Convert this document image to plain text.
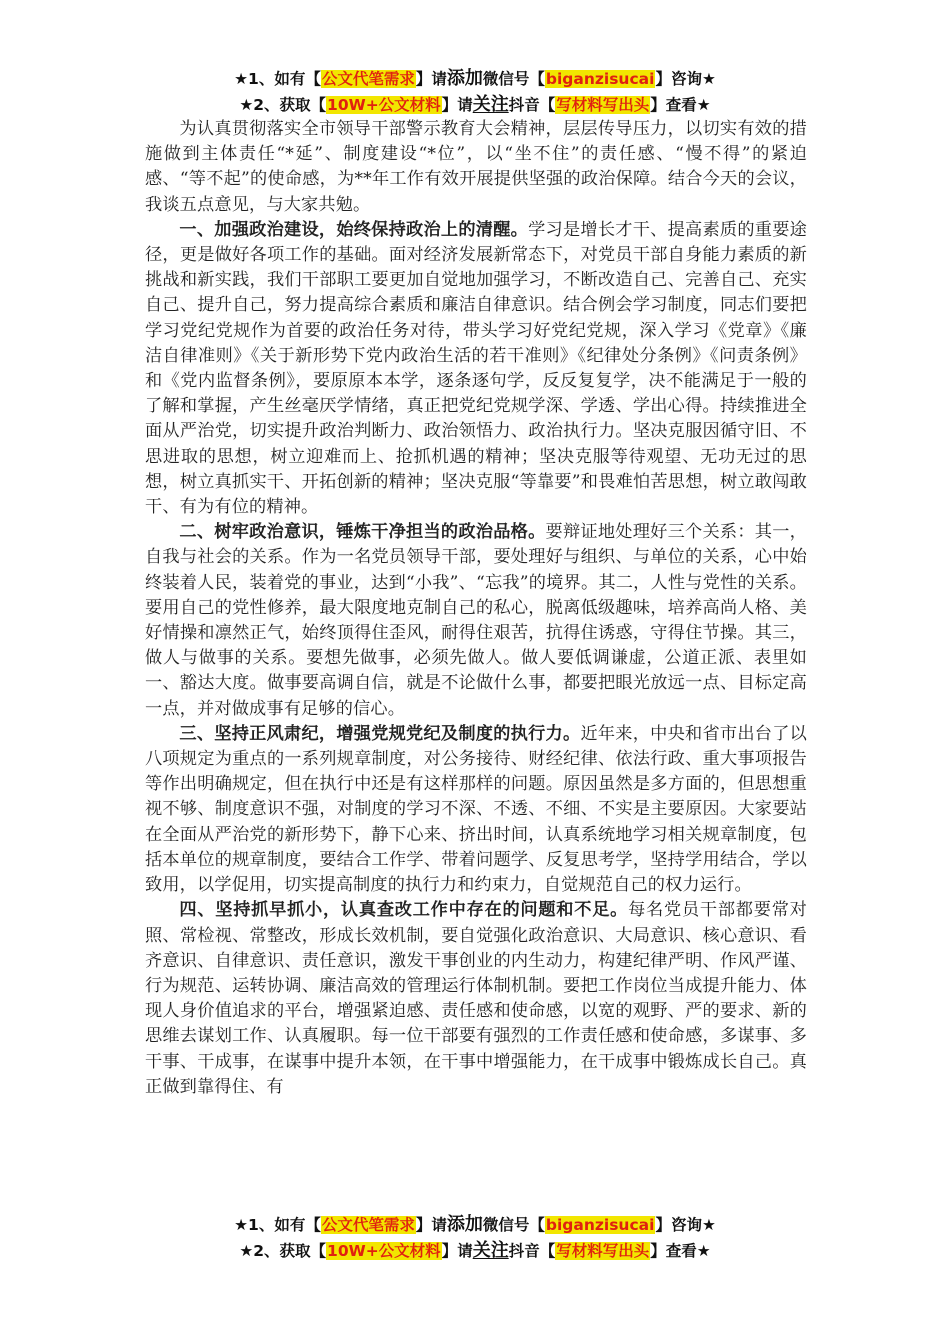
★1、如有【公文代笔需求】请添加微信号【biganzisucai】咨询★
★2、获取【10W+公文材料】请关注抖音【写材料写出头】查看★

为认真贯彻落实全市领导干部警示教育大会精神，层层传导压力，以切实有效的措施做到主体责任“*延”、制度建设“*位”，以“坐不住”的责任感、“慢不得”的紧迫感、“等不起”的使命感，为**年工作有效开展提供坚强的政治保障。结合今天的会议，我谈五点意见，与大家共勉。

一、加强政治建设，始终保持政治上的清醒。学习是增长才干、提高素质的重要途径，更是做好各项工作的基础。面对经济发展新常态下，对党员干部自身能力素质的新挑战和新实践，我们干部职工要更加自觉地加强学习，不断改造自己、完善自己、充实自己、提升自己，努力提高综合素质和廉洁自律意识。结合例会学习制度，同志们要把学习党纪党规作为首要的政治任务对待，带头学习好党纪党规，深入学习《党章》《廉洁自律准则》《关于新形势下党内政治生活的若干准则》《纪律处分条例》《问责条例》和《党内监督条例》，要原原本本学，逐条逐句学，反反复复学，决不能满足于一般的了解和掌握，产生丝毫厌学情绪，真正把党纪党规学深、学透、学出心得。持续推进全面从严治党，切实提升政治判断力、政治领悟力、政治执行力。坚决克服因循守旧、不思进取的思想，树立迎难而上、抢抓机遇的精神；坚决克服等待观望、无功无过的思想，树立真抓实干、开拓创新的精神；坚决克服“等靠要”和畏难怕苦思想，树立敢闯敢干、有为有位的精神。

二、树牢政治意识，锤炼干净担当的政治品格。要辩证地处理好三个关系：其一，自我与社会的关系。作为一名党员领导干部，要处理好与组织、与单位的关系，心中始终装着人民，装着党的事业，达到“小我”、“忘我”的境界。其二，人性与党性的关系。要用自己的党性修养，最大限度地克制自己的私心，脱离低级趣味，培养高尚人格、美好情操和凛然正气，始终顶得住歪风，耐得住艰苦，抗得住诱惑，守得住节操。其三，做人与做事的关系。要想先做事，必须先做人。做人要低调谦虚，公道正派、表里如一、豁达大度。做事要高调自信，就是不论做什么事，都要把眼光放远一点、目标定高一点，并对做成事有足够的信心。

三、坚持正风肃纪，增强党规党纪及制度的执行力。近年来，中央和省市出台了以八项规定为重点的一系列规章制度，对公务接待、财经纪律、依法行政、重大事项报告等作出明确规定，但在执行中还是有这样那样的问题。原因虽然是多方面的，但思想重视不够、制度意识不强，对制度的学习不深、不透、不细、不实是主要原因。大家要站在全面从严治党的新形势下，静下心来、挤出时间，认真系统地学习相关规章制度，包括本单位的规章制度，要结合工作学、带着问题学、反复思考学，坚持学用结合，学以致用，以学促用，切实提高制度的执行力和约束力，自觉规范自己的权力运行。

四、坚持抓早抓小，认真查改工作中存在的问题和不足。每名党员干部都要常对照、常检视、常整改，形成长效机制，要自觉强化政治意识、大局意识、核心意识、看齐意识、自律意识、责任意识，激发干事创业的内生动力，构建纪律严明、作风严谨、行为规范、运转协调、廉洁高效的管理运行体制机制。要把工作岗位当成提升能力、体现人身价值追求的平台，增强紧迫感、责任感和使命感，以宽的观野、严的要求、新的思维去谋划工作、认真履职。每一位干部要有强烈的工作责任感和使命感，多谋事、多干事、干成事，在谋事中提升本领，在干事中增强能力，在干成事中锻炼成长自己。真正做到靠得住、有

★1、如有【公文代笔需求】请添加微信号【biganzisucai】咨询★
★2、获取【10W+公文材料】请关注抖音【写材料写出头】查看★
